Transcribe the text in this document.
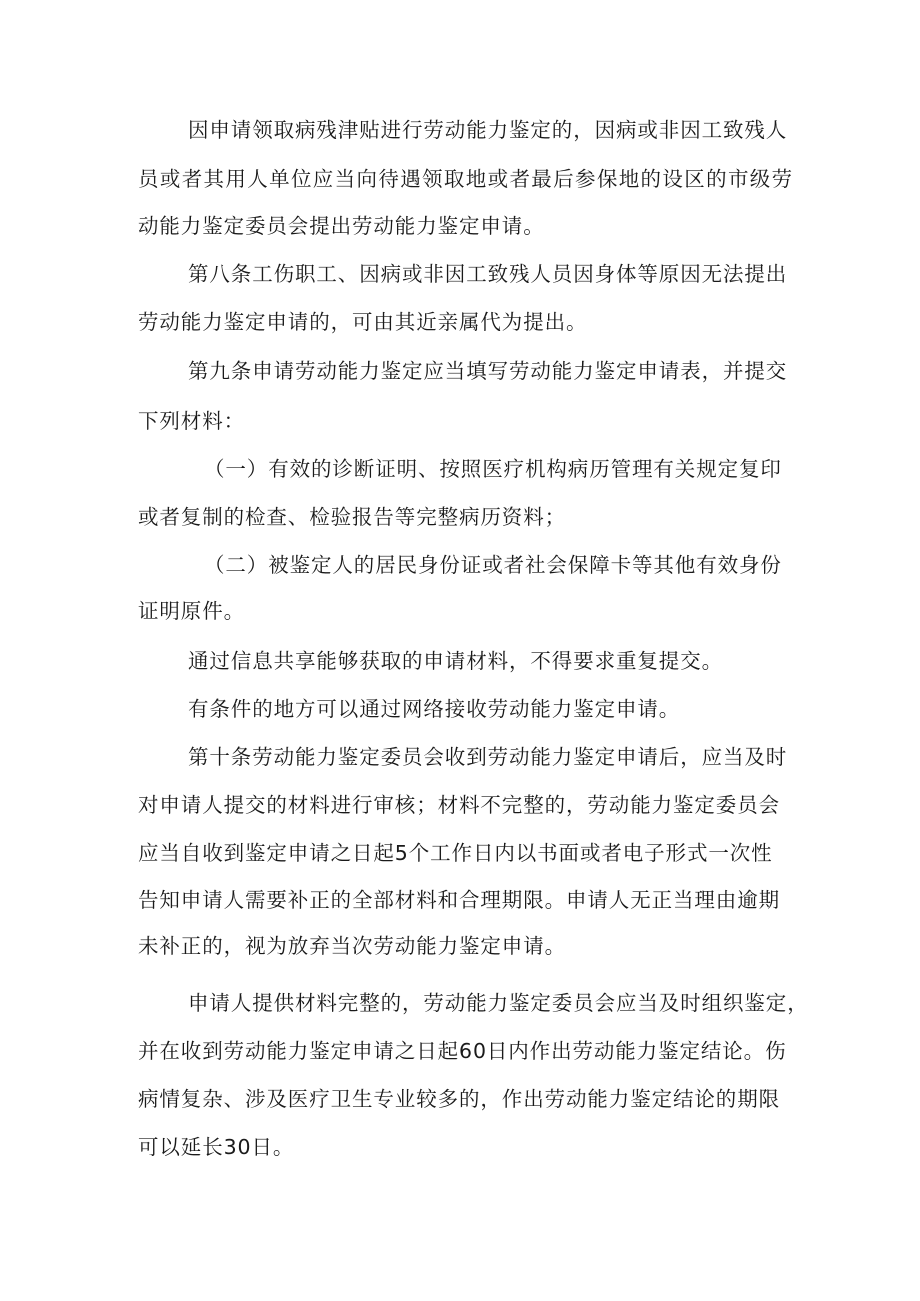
因申请领取病残津贴进行劳动能力鉴定的，因病或非因工致残人
员或者其用人单位应当向待遇领取地或者最后参保地的设区的市级劳
动能力鉴定委员会提出劳动能力鉴定申请。
第八条工伤职工、因病或非因工致残人员因身体等原因无法提出
劳动能力鉴定申请的，可由其近亲属代为提出。
第九条申请劳动能力鉴定应当填写劳动能力鉴定申请表，并提交
下列材料：
（一）有效的诊断证明、按照医疗机构病历管理有关规定复印
或者复制的检查、检验报告等完整病历资料；
（二）被鉴定人的居民身份证或者社会保障卡等其他有效身份
证明原件。
通过信息共享能够获取的申请材料，不得要求重复提交。
有条件的地方可以通过网络接收劳动能力鉴定申请。
第十条劳动能力鉴定委员会收到劳动能力鉴定申请后，应当及时
对申请人提交的材料进行审核；材料不完整的，劳动能力鉴定委员会
应当自收到鉴定申请之日起5个工作日内以书面或者电子形式一次性
告知申请人需要补正的全部材料和合理期限。申请人无正当理由逾期
未补正的，视为放弃当次劳动能力鉴定申请。
申请人提供材料完整的，劳动能力鉴定委员会应当及时组织鉴定，
并在收到劳动能力鉴定申请之日起60日内作出劳动能力鉴定结论。伤
病情复杂、涉及医疗卫生专业较多的，作出劳动能力鉴定结论的期限
可以延长30日。
